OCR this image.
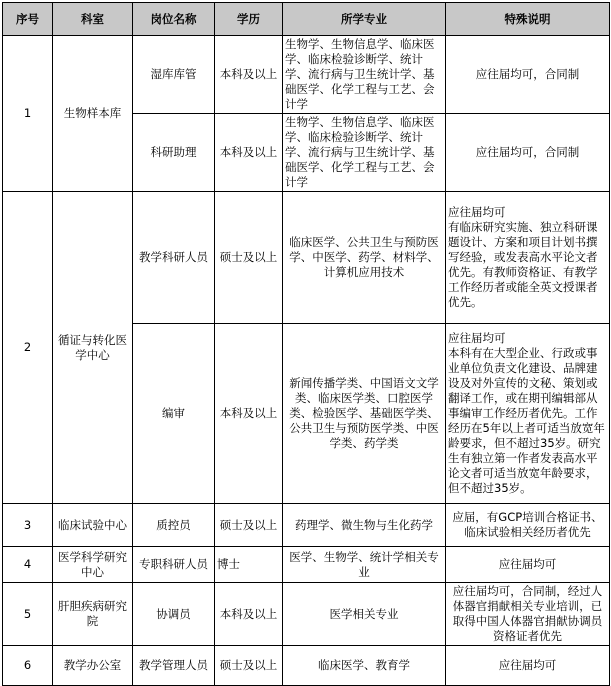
序号	科室	岗位名称	学历	所学专业	特殊说明
1	生物样本库	湿库库管	本科及以上	生物学、生物信息学、临床医学、临床检验诊断学、统计学、流行病与卫生统计学、基础医学、化学工程与工艺、会计学	应往届均可，合同制
		科研助理	本科及以上	生物学、生物信息学、临床医学、临床检验诊断学、统计学、流行病与卫生统计学、基础医学、化学工程与工艺、会计学	应往届均可，合同制
2	循证与转化医学中心	教学科研人员	硕士及以上	临床医学、公共卫生与预防医学、中医学、药学、材料学、计算机应用技术	应往届均可
有临床研究实施、独立科研课题设计、方案和项目计划书撰写经验，或发表高水平论文者优先。有教师资格证、有教学工作经历者或能全英文授课者优先。
		编审	本科及以上	新闻传播学类、中国语文文学类、临床医学类、口腔医学类、检验医学、基础医学类、公共卫生与预防医学类、中医学类、药学类	应往届均可
本科有在大型企业、行政或事业单位负责文化建设、品牌建设及对外宣传的文秘、策划或翻译工作，或在期刊编辑部从事编审工作经历者优先。工作经历在5年以上者可适当放宽年龄要求，但不超过35岁。研究生有独立第一作者发表高水平论文者可适当放宽年龄要求，但不超过35岁。
3	临床试验中心	质控员	硕士及以上	药理学、微生物与生化药学	应届，有GCP培训合格证书、临床试验相关经历者优先
4	医学科学研究中心	专职科研人员	博士	医学、生物学、统计学相关专业	应往届均可
5	肝胆疾病研究院	协调员	本科及以上	医学相关专业	应往届均可，合同制，经过人体器官捐献相关专业培训，已取得中国人体器官捐献协调员资格证者优先
6	教学办公室	教学管理人员	硕士及以上	临床医学、教育学	应往届均可
